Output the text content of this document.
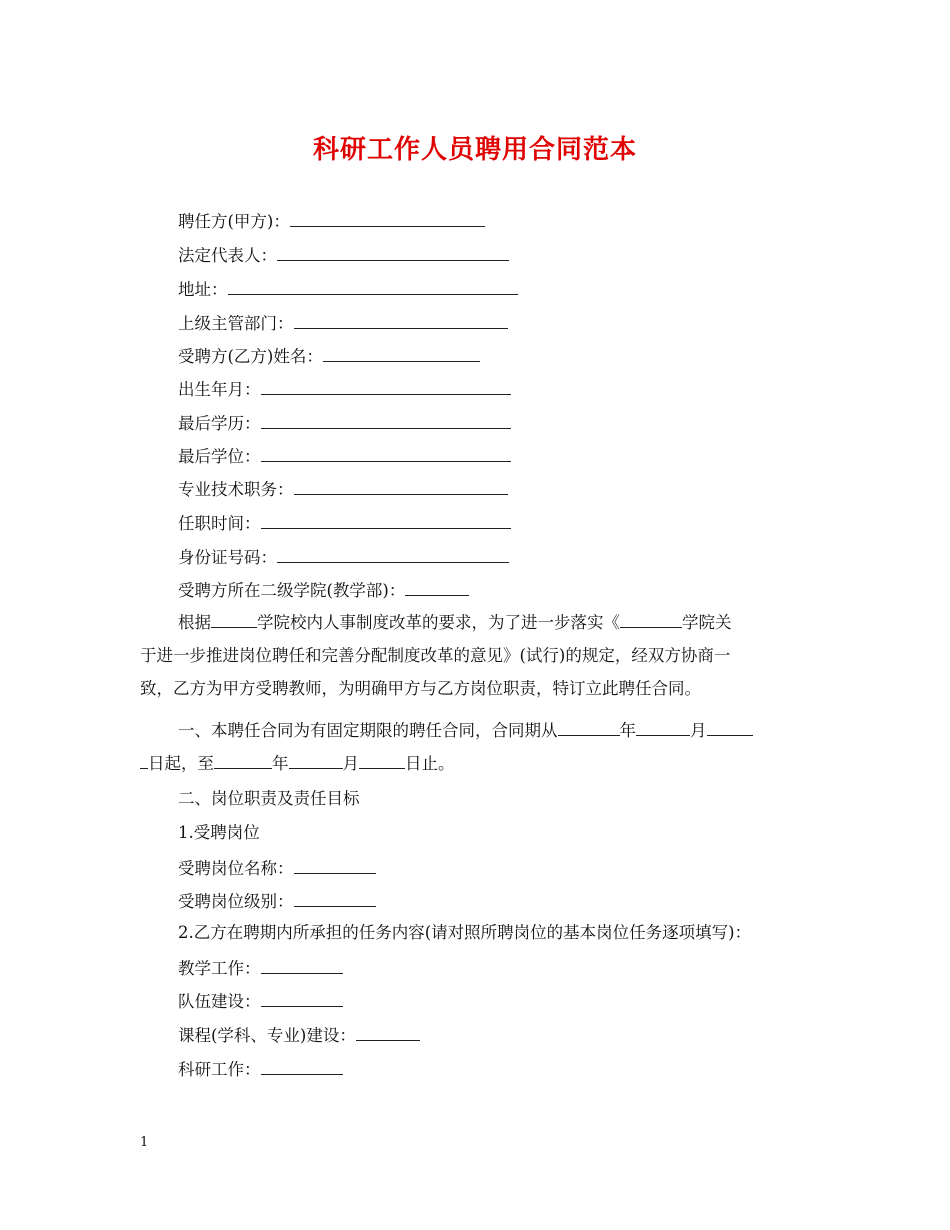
科研工作人员聘用合同范本
聘任方(甲方)：
法定代表人：
地址：
上级主管部门：
受聘方(乙方)姓名：
出生年月：
最后学历：
最后学位：
专业技术职务：
任职时间：
身份证号码：
受聘方所在二级学院(教学部)：

根据	学院校内人事制度改革的要求，为了进一步落实《	学院关

于进一步推进岗位聘任和完善分配制度改革的意见》(试行)的规定，经双方协商一

致，乙方为甲方受聘教师，为明确甲方与乙方岗位职责，特订立此聘任合同。

一、本聘任合同为有固定期限的聘任合同，合同期从	年	月

日起，至	年	月	日止。

二、岗位职责及责任目标
1.受聘岗位
受聘岗位名称：
受聘岗位级别：
2.乙方在聘期内所承担的任务内容(请对照所聘岗位的基本岗位任务逐项填写)：
教学工作：
队伍建设：
课程(学科、专业)建设：
科研工作：
1
